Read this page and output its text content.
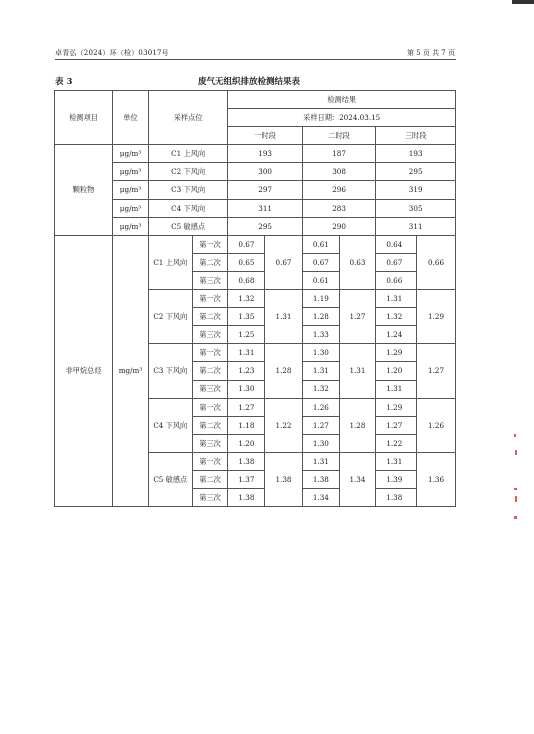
卓青弘（2024）环（检）03017号	第 5 页 共 7 页
表 3	废气无组织排放检测结果表
检测项目	单位	采样点位		检测结果					
				采样日期：2024.03.15					
				一时段		二时段		三时段	
颗粒物	μg/m³	C1 上风向		193		187		193	
	μg/m³	C2 下风向		300		308		295	
	μg/m³	C3 下风向		297		296		319	
	μg/m³	C4 下风向		311		283		305	
	μg/m³	C5 敏感点		295		290		311	
非甲烷总烃	mg/m³	C1 上风向	第一次	0.67	0.67	0.61	0.63	0.64	0.66
			第二次	0.65		0.67		0.67	
			第三次	0.68		0.61		0.66	
		C2 下风向	第一次	1.32	1.31	1.19	1.27	1.31	1.29
			第二次	1.35		1.28		1.32	
			第三次	1.25		1.33		1.24	
		C3 下风向	第一次	1.31	1.28	1.30	1.31	1.29	1.27
			第二次	1.23		1.31		1.20	
			第三次	1.30		1.32		1.31	
		C4 下风向	第一次	1.27	1.22	1.26	1.28	1.29	1.26
			第二次	1.18		1.27		1.27	
			第三次	1.20		1.30		1.22	
		C5 敏感点	第一次	1.38	1.38	1.31	1.34	1.31	1.36
			第二次	1.37		1.38		1.39	
			第三次	1.38		1.34		1.38	
